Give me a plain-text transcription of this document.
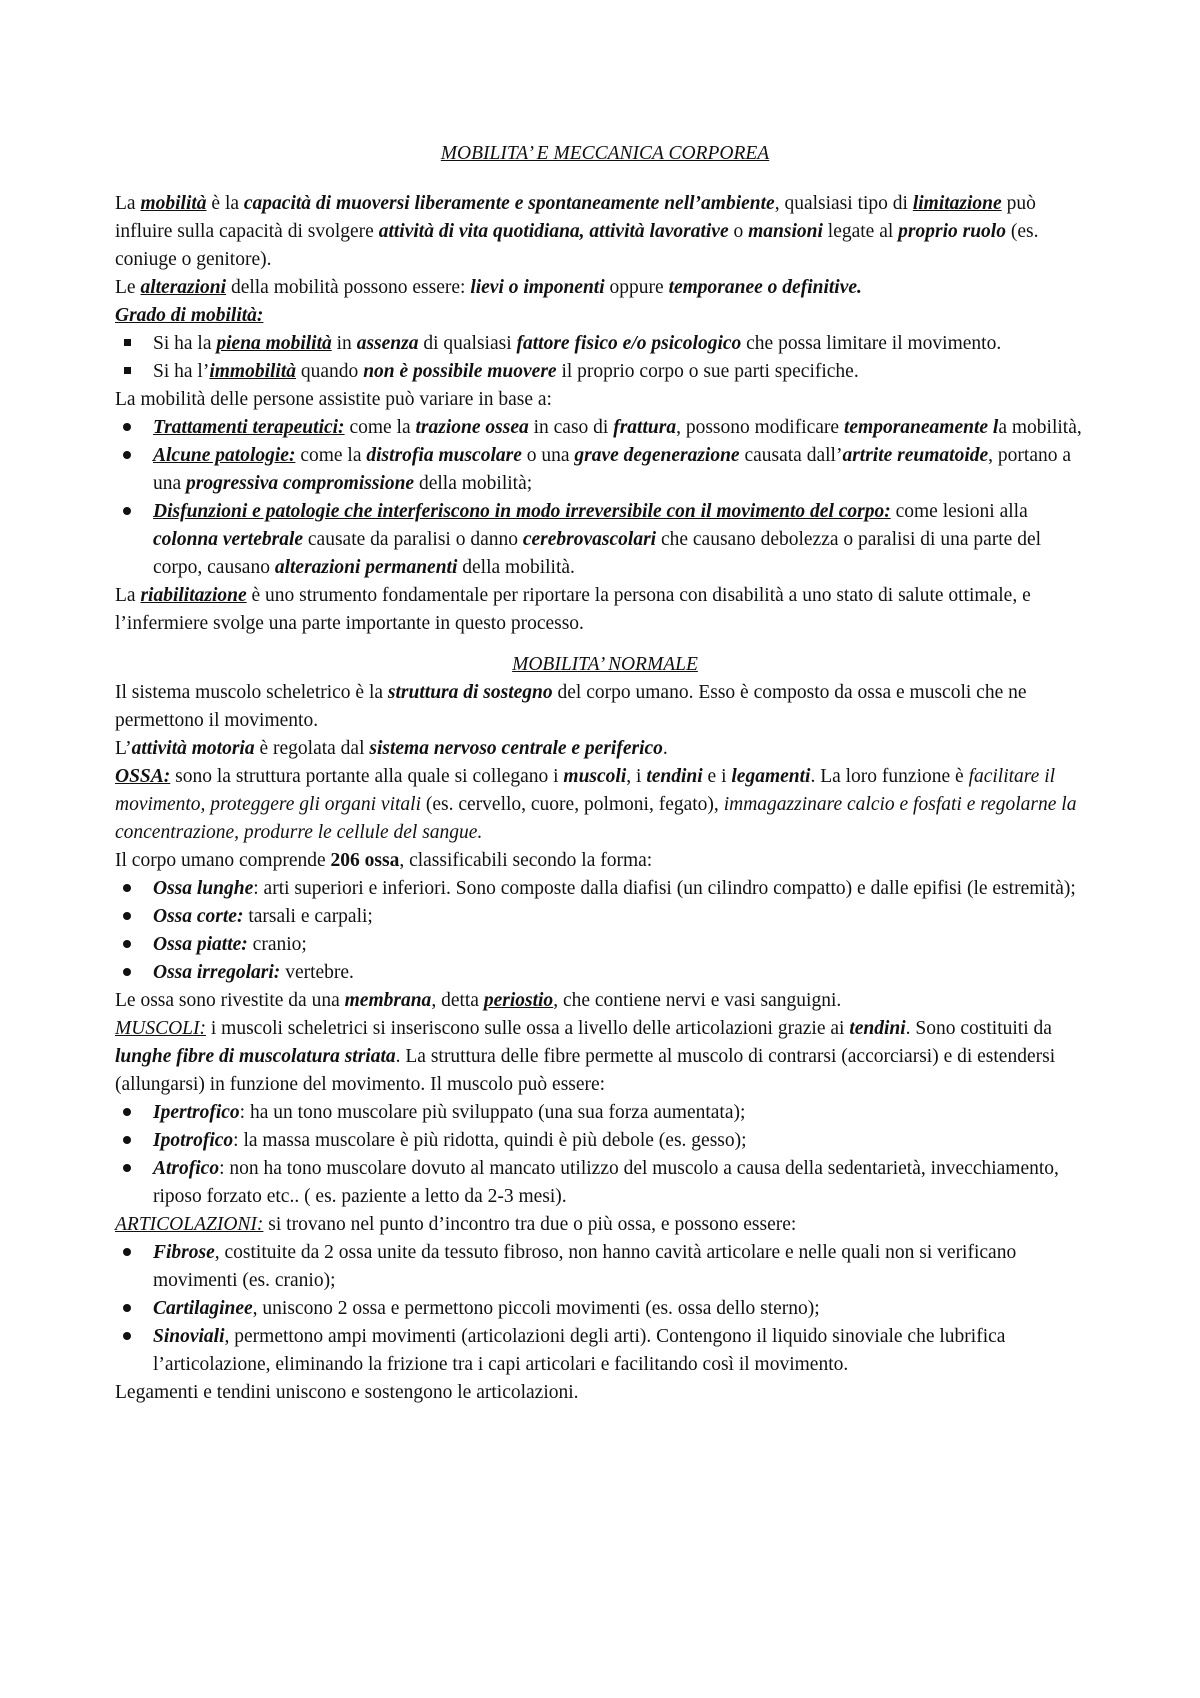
MOBILITA’ E MECCANICA CORPOREA

La mobilità è la capacità di muoversi liberamente e spontaneamente nell’ambiente, qualsiasi tipo di limitazione può influire sulla capacità di svolgere attività di vita quotidiana, attività lavorative o mansioni legate al proprio ruolo (es. coniuge o genitore).

Le alterazioni della mobilità possono essere: lievi o imponenti oppure temporanee o definitive.

Grado di mobilità:

Si ha la piena mobilità in assenza di qualsiasi fattore fisico e/o psicologico che possa limitare il movimento.
Si ha l’immobilità quando non è possibile muovere il proprio corpo o sue parti specifiche.

La mobilità delle persone assistite può variare in base a:

Trattamenti terapeutici: come la trazione ossea in caso di frattura, possono modificare temporaneamente la mobilità,
Alcune patologie: come la distrofia muscolare o una grave degenerazione causata dall’artrite reumatoide, portano a una progressiva compromissione della mobilità;
Disfunzioni e patologie che interferiscono in modo irreversibile con il movimento del corpo: come lesioni alla colonna vertebrale causate da paralisi o danno cerebrovascolari che causano debolezza o paralisi di una parte del corpo, causano alterazioni permanenti della mobilità.

La riabilitazione è uno strumento fondamentale per riportare la persona con disabilità a uno stato di salute ottimale, e l’infermiere svolge una parte importante in questo processo.

MOBILITA’ NORMALE

Il sistema muscolo scheletrico è la struttura di sostegno del corpo umano. Esso è composto da ossa e muscoli che ne permettono il movimento.

L’attività motoria è regolata dal sistema nervoso centrale e periferico.

OSSA: sono la struttura portante alla quale si collegano i muscoli, i tendini e i legamenti. La loro funzione è facilitare il movimento, proteggere gli organi vitali (es. cervello, cuore, polmoni, fegato), immagazzinare calcio e fosfati e regolarne la concentrazione, produrre le cellule del sangue.

Il corpo umano comprende 206 ossa, classificabili secondo la forma:

Ossa lunghe: arti superiori e inferiori. Sono composte dalla diafisi (un cilindro compatto) e dalle epifisi (le estremità);
Ossa corte: tarsali e carpali;
Ossa piatte: cranio;
Ossa irregolari: vertebre.

Le ossa sono rivestite da una membrana, detta periostio, che contiene nervi e vasi sanguigni.

MUSCOLI: i muscoli scheletrici si inseriscono sulle ossa a livello delle articolazioni grazie ai tendini. Sono costituiti da lunghe fibre di muscolatura striata. La struttura delle fibre permette al muscolo di contrarsi (accorciarsi) e di estendersi (allungarsi) in funzione del movimento. Il muscolo può essere:

Ipertrofico: ha un tono muscolare più sviluppato (una sua forza aumentata);
Ipotrofico: la massa muscolare è più ridotta, quindi è più debole (es. gesso);
Atrofico: non ha tono muscolare dovuto al mancato utilizzo del muscolo a causa della sedentarietà, invecchiamento, riposo forzato etc.. ( es. paziente a letto da 2-3 mesi).

ARTICOLAZIONI: si trovano nel punto d’incontro tra due o più ossa, e possono essere:

Fibrose, costituite da 2 ossa unite da tessuto fibroso, non hanno cavità articolare e nelle quali non si verificano movimenti (es. cranio);
Cartilaginee, uniscono 2 ossa e permettono piccoli movimenti (es. ossa dello sterno);
Sinoviali, permettono ampi movimenti (articolazioni degli arti). Contengono il liquido sinoviale che lubrifica l’articolazione, eliminando la frizione tra i capi articolari e facilitando così il movimento.

Legamenti e tendini uniscono e sostengono le articolazioni.
